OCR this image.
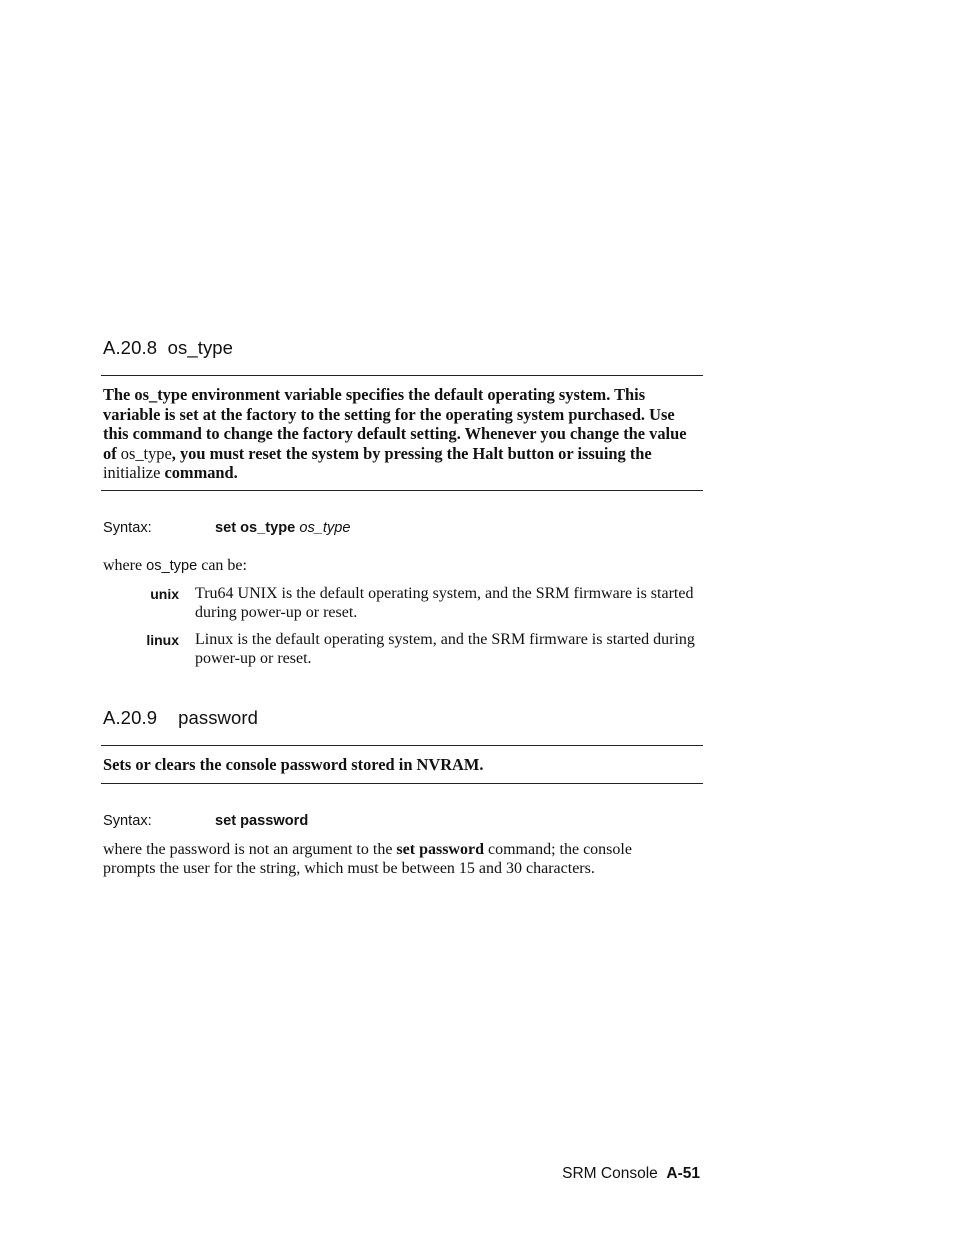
A.20.8 os_type
The os_type environment variable specifies the default operating system. This variable is set at the factory to the setting for the operating system purchased. Use this command to change the factory default setting. Whenever you change the value of os_type, you must reset the system by pressing the Halt button or issuing the initialize command.
Syntax:	set os_type os_type
where os_type can be:
unix Tru64 UNIX is the default operating system, and the SRM firmware is started during power-up or reset.
linux Linux is the default operating system, and the SRM firmware is started during power-up or reset.
A.20.9 password
Sets or clears the console password stored in NVRAM.
Syntax:	set password
where the password is not an argument to the set password command; the console prompts the user for the string, which must be between 15 and 30 characters.
SRM Console A-51
